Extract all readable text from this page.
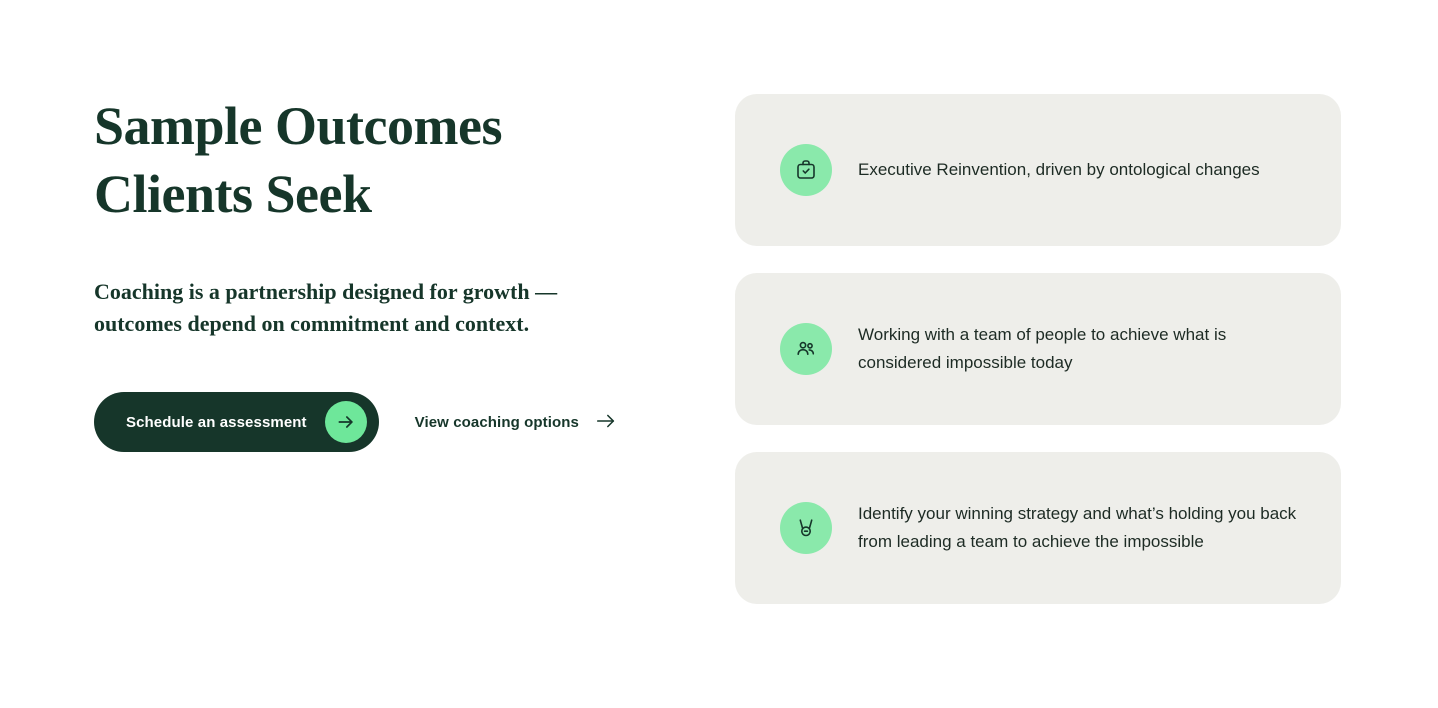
Sample Outcomes
Clients Seek

Coaching is a partnership designed for growth — outcomes depend on commitment and context.

Schedule an assessment	View coaching options
Executive Reinvention, driven by ontological changes
Working with a team of people to achieve what is considered impossible today
Identify your winning strategy and what’s holding you back from leading a team to achieve the impossible
